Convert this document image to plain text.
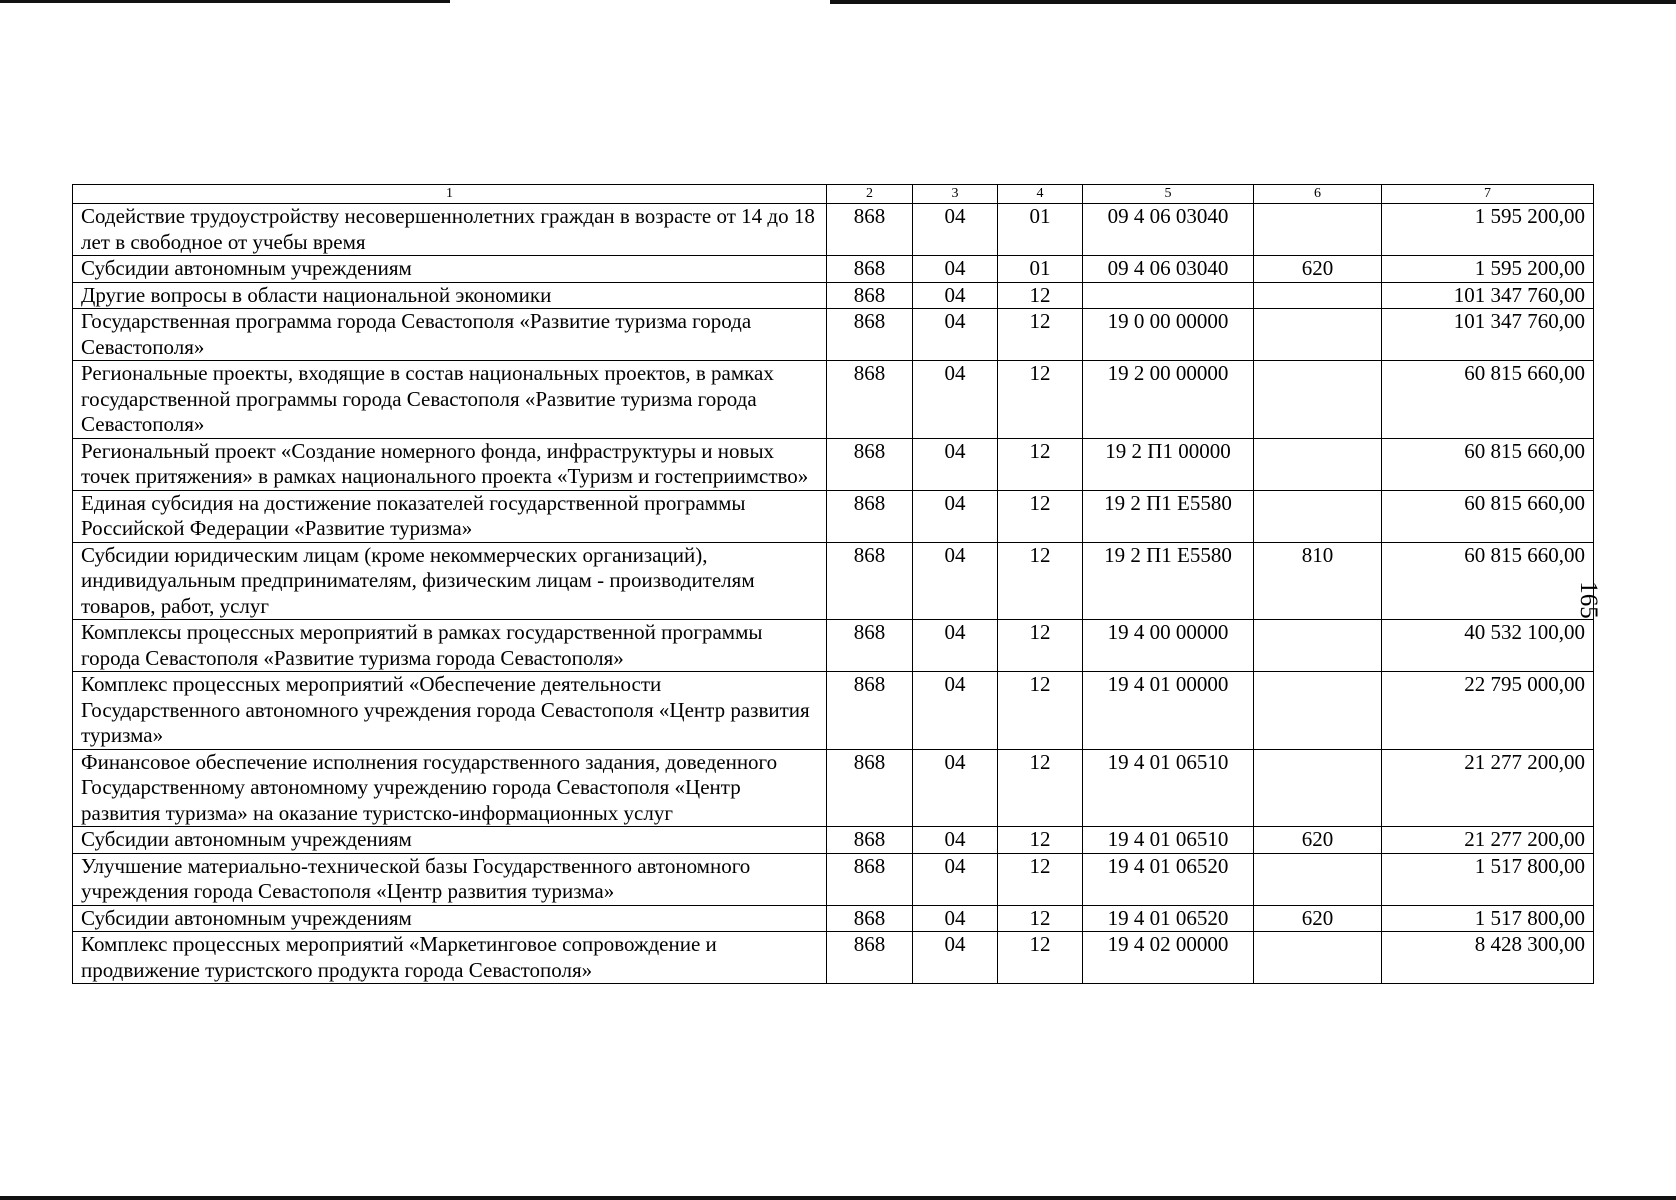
1	2	3	4	5	6	7
Содействие трудоустройству несовершеннолетних граждан в возрасте от 14 до 18 лет в свободное от учебы время	868	04	01	09 4 06 03040		1 595 200,00
Субсидии автономным учреждениям	868	04	01	09 4 06 03040	620	1 595 200,00
Другие вопросы в области национальной экономики	868	04	12			101 347 760,00
Государственная программа города Севастополя «Развитие туризма города Севастополя»	868	04	12	19 0 00 00000		101 347 760,00
Региональные проекты, входящие в состав национальных проектов, в рамках государственной программы города Севастополя «Развитие туризма города Севастополя»	868	04	12	19 2 00 00000		60 815 660,00
Региональный проект «Создание номерного фонда, инфраструктуры и новых точек притяжения» в рамках национального проекта «Туризм и гостеприимство»	868	04	12	19 2 П1 00000		60 815 660,00
Единая субсидия на достижение показателей государственной программы Российской Федерации «Развитие туризма»	868	04	12	19 2 П1 Е5580		60 815 660,00
Субсидии юридическим лицам (кроме некоммерческих организаций), индивидуальным предпринимателям, физическим лицам - производителям товаров, работ, услуг	868	04	12	19 2 П1 Е5580	810	60 815 660,00
Комплексы процессных мероприятий в рамках государственной программы города Севастополя «Развитие туризма города Севастополя»	868	04	12	19 4 00 00000		40 532 100,00
Комплекс процессных мероприятий «Обеспечение деятельности Государственного автономного учреждения города Севастополя «Центр развития туризма»	868	04	12	19 4 01 00000		22 795 000,00
Финансовое обеспечение исполнения государственного задания, доведенного Государственному автономному учреждению города Севастополя «Центр развития туризма» на оказание туристско-информационных услуг	868	04	12	19 4 01 06510		21 277 200,00
Субсидии автономным учреждениям	868	04	12	19 4 01 06510	620	21 277 200,00
Улучшение материально-технической базы Государственного автономного учреждения города Севастополя «Центр развития туризма»	868	04	12	19 4 01 06520		1 517 800,00
Субсидии автономным учреждениям	868	04	12	19 4 01 06520	620	1 517 800,00
Комплекс процессных мероприятий «Маркетинговое сопровождение и продвижение туристского продукта города Севастополя»	868	04	12	19 4 02 00000		8 428 300,00
165
